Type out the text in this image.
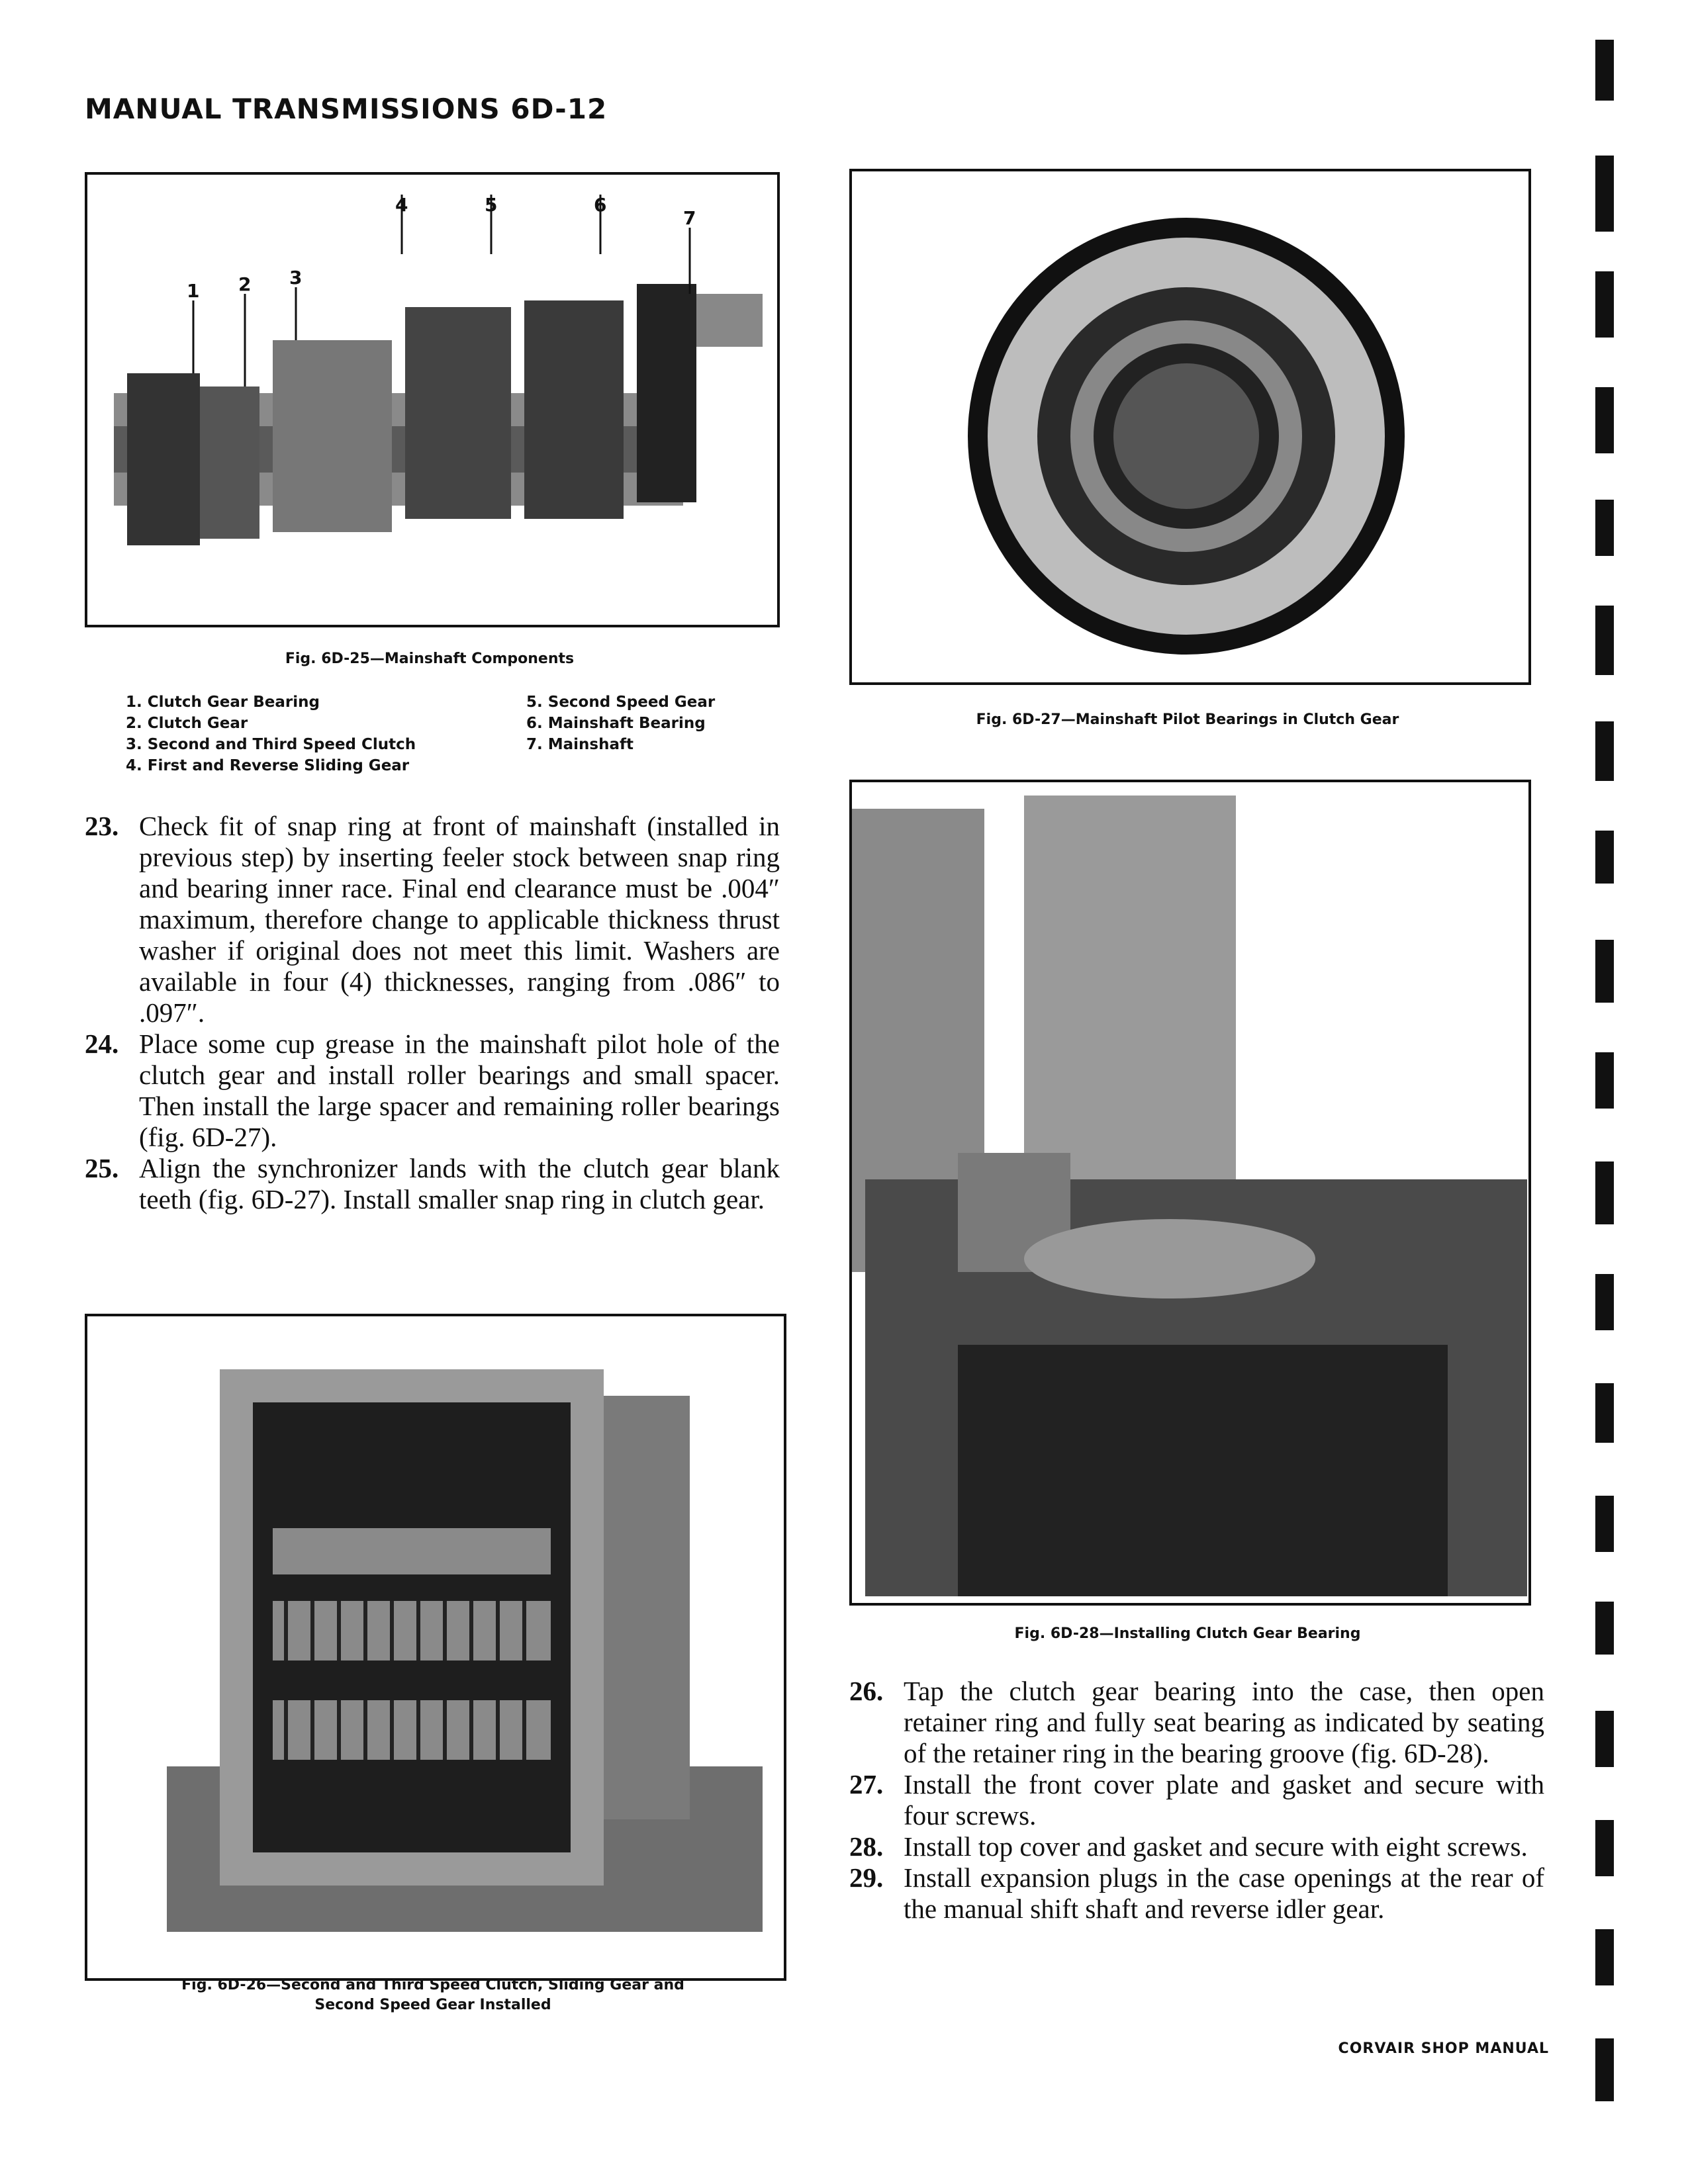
MANUAL TRANSMISSIONS 6D-12
1 2 3
4	5	6
7
Fig. 6D-25—Mainshaft Components
1. Clutch Gear Bearing
2. Clutch Gear
3. Second and Third Speed Clutch
4. First and Reverse Sliding Gear
5. Second Speed Gear
6. Mainshaft Bearing
7. Mainshaft
23. Check fit of snap ring at front of mainshaft (installed in previous step) by inserting feeler stock between snap ring and bearing inner race. Final end clearance must be .004″ maximum, therefore change to applicable thickness thrust washer if original does not meet this limit. Washers are available in four (4) thicknesses, ranging from .086″ to .097″.
24. Place some cup grease in the mainshaft pilot hole of the clutch gear and install roller bearings and small spacer. Then install the large spacer and remaining roller bearings (fig. 6D-27).
25. Align the synchronizer lands with the clutch gear blank teeth (fig. 6D-27). Install smaller snap ring in clutch gear.
Fig. 6D-26—Second and Third Speed Clutch, Sliding Gear and
Second Speed Gear Installed
Fig. 6D-27—Mainshaft Pilot Bearings in Clutch Gear
Fig. 6D-28—Installing Clutch Gear Bearing
26. Tap the clutch gear bearing into the case, then open retainer ring and fully seat bearing as indicated by seating of the retainer ring in the bearing groove (fig. 6D-28).
27. Install the front cover plate and gasket and secure with four screws.
28. Install top cover and gasket and secure with eight screws.
29. Install expansion plugs in the case openings at the rear of the manual shift shaft and reverse idler gear.
CORVAIR SHOP MANUAL
